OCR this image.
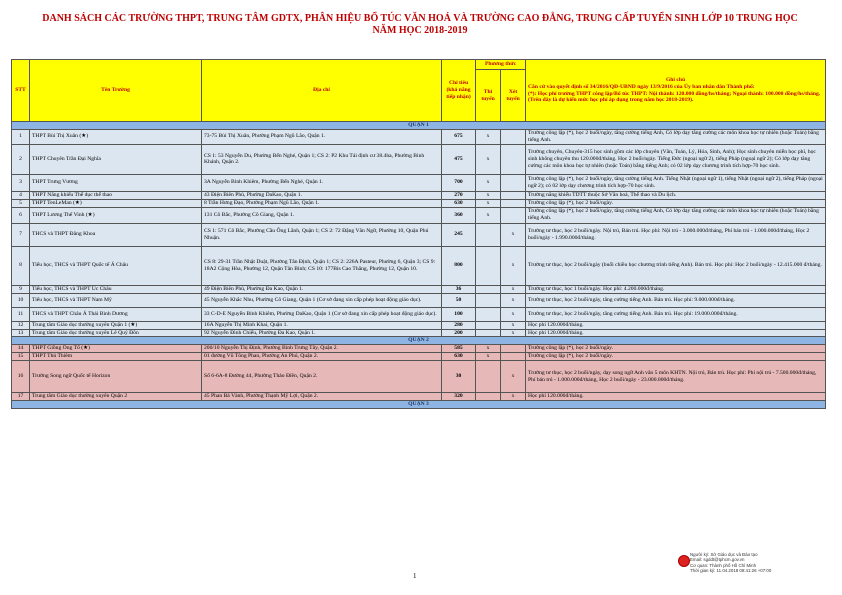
DANH SÁCH CÁC TRƯỜNG THPT, TRUNG TÂM GDTX, PHÂN HIỆU BỔ TÚC VĂN HOÁ VÀ TRƯỜNG CAO ĐẲNG, TRUNG CẤP TUYỂN SINH LỚP 10 TRUNG HỌC
NĂM HỌC 2018-2019
STT	Tên Trường	Địa chỉ	Chỉ tiêu (khả năng tiếp nhận)	Phương thức		Ghi chú
Căn cứ vào quyết định số 34/2016/QĐ-UBND ngày 13/9/2016 của Ủy ban nhân dân Thành phố:
(*): Học phí trường THPT công lập/Bổ túc THPT: Nội thành: 120.000 đồng/hs/tháng; Ngoại thành: 100.000 đồng/hs/tháng.
(Trên đây là dự kiến mức học phí áp dụng trong năm học 2018-2019).

				Thi tuyển	Xét tuyển	
QUẬN 1						
1	THPT Bùi Thị Xuân (★)	73-75 Bùi Thị Xuân, Phường Phạm Ngũ Lão, Quận 1.	675	x		Trường công lập (*), học 2 buổi/ngày, tăng cường tiếng Anh, Có lớp dạy tăng cường các môn khoa học tự nhiên (hoặc Toán) bằng tiếng Anh.
2	THPT Chuyên Trần Đại Nghĩa	CS 1: 53 Nguyễn Du, Phường Bến Nghé, Quận 1; CS 2: P2 Khu Tái định cư 38.4ha, Phường Bình Khánh, Quận 2.	475	x		Trường chuyên, Chuyên-315 học sinh gồm các lớp chuyên (Văn, Toán, Lý, Hóa, Sinh, Anh); Học sinh chuyên miễn học phí, học sinh không chuyên thu 120.000đ/tháng. Học 2 buổi/ngày. Tiếng Đức (ngoại ngữ 2), tiếng Pháp (ngoại ngữ 2); Có lớp dạy tăng cường các môn khoa học tự nhiên (hoặc Toán) bằng tiếng Anh; có 02 lớp dạy chương trình tích hợp-70 học sinh.
3	THPT Trưng Vương	3A Nguyễn Bỉnh Khiêm, Phường Bến Nghé, Quận 1.	700	x		Trường công lập (*), học 2 buổi/ngày, tăng cường tiếng Anh. Tiếng Nhật (ngoại ngữ 1), tiếng Nhật (ngoại ngữ 2), tiếng Pháp (ngoại ngữ 2); có 02 lớp dạy chương trình tích hợp-70 học sinh.
4	THPT Năng khiếu Thể dục thể thao	43 Điện Biên Phủ, Phường DaKao, Quận 1.	270	x		Trường năng khiếu TDTT thuộc Sở Văn hoá, Thể thao và Du lịch.
5	THPT TenLeMan (★)	8 Trần Hưng Đạo, Phường Phạm Ngũ Lão, Quận 1.	630	x		Trường công lập (*), học 2 buổi/ngày.
6	THPT Lương Thế Vinh (★)	131 Cô Bắc, Phường Cô Giang, Quận 1.	360	x		Trường công lập (*), học 2 buổi/ngày, tăng cường tiếng Anh, Có lớp dạy tăng cường các môn khoa học tự nhiên (hoặc Toán) bằng tiếng Anh.
7	THCS và THPT Đăng Khoa	CS 1: 571 Cô Bắc, Phường Cầu Ông Lãnh, Quận 1; CS 2: 72 Đặng Văn Ngữ, Phường 10, Quận Phú Nhuận.	245		x	Trường tư thục, học 2 buổi/ngày. Nội trú, Bán trú. Học phí: Nội trú - 3.000.000đ/tháng, Phí bán trú - 1.000.000đ/tháng, Học 2 buổi/ngày - 1.990.000đ/tháng.
8	Tiểu học, THCS và THPT Quốc tế Á Châu	CS 8: 29-31 Trần Nhật Duật, Phường Tân Định, Quận 1; CS 2: 226A Pasteur, Phường 6, Quận 3; CS 9: 18A2 Cộng Hòa, Phường 12, Quận Tân Bình; CS 10: 177Bis Cao Thắng, Phường 12, Quận 10.	800		x	Trường tư thục, học 2 buổi/ngày (buổi chiều học chương trình tiếng Anh). Bán trú. Học phí: Học 2 buổi/ngày - 12.415.000 đ/tháng.
9	Tiểu học, THCS và THPT Úc Châu	49 Điện Biên Phủ, Phường Đa Kao, Quận 1.	36		x	Trường tư thục, học 1 buổi/ngày. Học phí: 4.200.000đ/tháng.
10	Tiểu học, THCS và THPT Nam Mỹ	45 Nguyễn Khắc Nhu, Phường Cô Giang, Quận 1 (Cơ sở đang xin cấp phép hoạt động giáo dục).	50		x	Trường tư thục, học 2 buổi/ngày, tăng cường tiếng Anh. Bán trú. Học phí: 9.000.000đ/tháng.
11	THCS và THPT Châu Á Thái Bình Dương	33 C-D-E Nguyễn Bỉnh Khiêm, Phường DaKao, Quận 1 (Cơ sở đang xin cấp phép hoạt động giáo dục).	100		x	Trường tư thục, học 2 buổi/ngày, tăng cường tiếng Anh. Bán trú. Học phí: 19.000.000đ/tháng.
12	Trung tâm Giáo dục thường xuyên Quận 1 (★)	16A Nguyễn Thị Minh Khai, Quận 1.	280		x	Học phí 120.000đ/tháng.
13	Trung tâm Giáo dục thường xuyên Lê Quý Đôn	92 Nguyễn Đình Chiểu, Phường Đa Kao, Quận 1.	200		x	Học phí 120.000đ/tháng.
QUẬN 2						
14	THPT Giồng Ông Tố (★)	200/10 Nguyễn Thị Định, Phường Bình Trưng Tây, Quận 2.	585	x		Trường công lập (*), học 2 buổi/ngày.
15	THPT Thủ Thiêm	01 đường Vũ Tông Phan, Phường An Phú, Quận 2.	630	x		Trường công lập (*), học 2 buổi/ngày.
16	Trường Song ngữ Quốc tế Horizon	Số 6-6A-8 Đường 44, Phường Thảo Điền, Quận 2.	30		x	Trường tư thục, học 2 buổi/ngày, dạy song ngữ Anh văn 5 môn KHTN. Nội trú, Bán trú. Học phí: Phí nội trú - 7.500.000đ/tháng, Phí bán trú - 1.000.000đ/tháng, Học 2 buổi/ngày - 23.000.000đ/tháng.
17	Trung tâm Giáo dục thường xuyên Quận 2	45 Phan Bá Vành, Phường Thạnh Mỹ Lợi, Quận 2.	320		x	Học phí 120.000đ/tháng.
QUẬN 3						
1
Người ký: Sở Giáo dục và Đào tạo
Email: sgddt@tphcm.gov.vn
Cơ quan: Thành phố Hồ Chí Minh
Thời gian ký: 11.04.2018 08:41:26 +07:00
